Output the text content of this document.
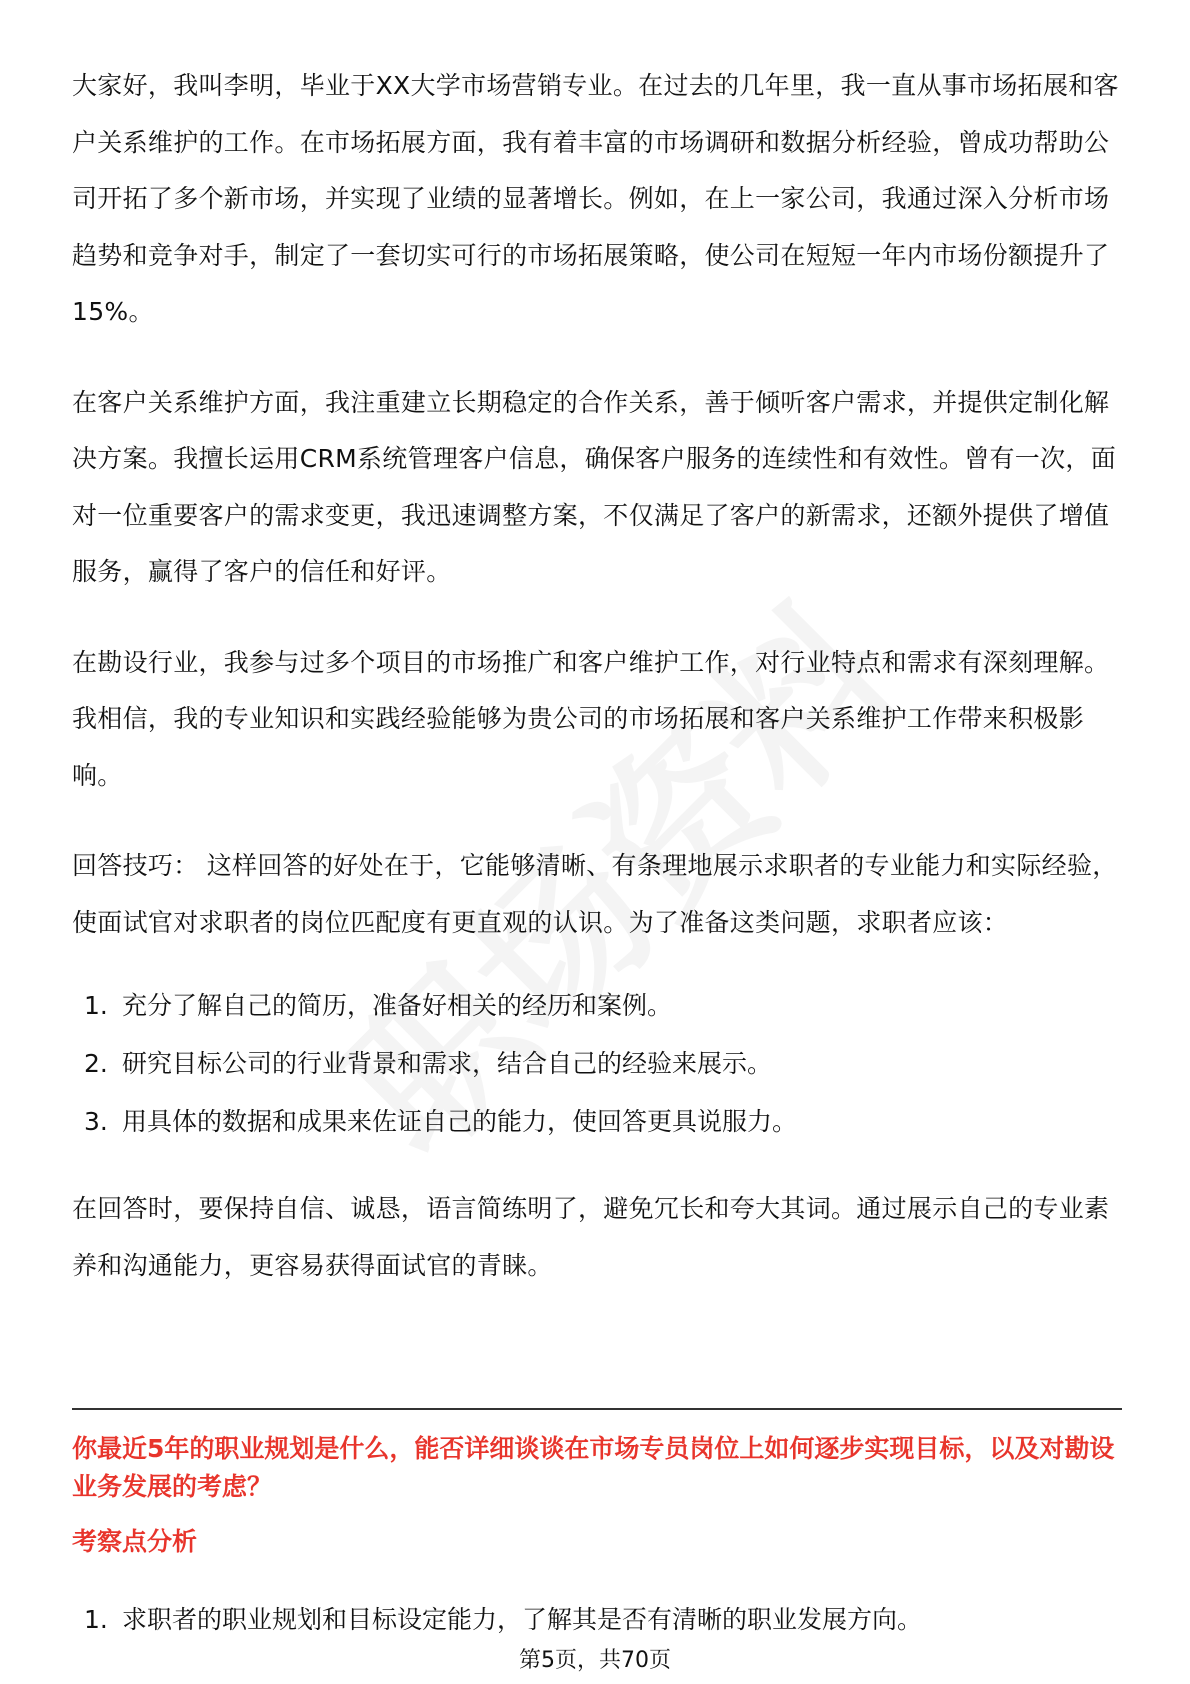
大家好，我叫李明，毕业于XX大学市场营销专业。在过去的几年里，我一直从事市场拓展和客户关系维护的工作。在市场拓展方面，我有着丰富的市场调研和数据分析经验，曾成功帮助公司开拓了多个新市场，并实现了业绩的显著增长。例如，在上一家公司，我通过深入分析市场趋势和竞争对手，制定了一套切实可行的市场拓展策略，使公司在短短一年内市场份额提升了15%。

在客户关系维护方面，我注重建立长期稳定的合作关系，善于倾听客户需求，并提供定制化解决方案。我擅长运用CRM系统管理客户信息，确保客户服务的连续性和有效性。曾有一次，面对一位重要客户的需求变更，我迅速调整方案，不仅满足了客户的新需求，还额外提供了增值服务，赢得了客户的信任和好评。

在勘设行业，我参与过多个项目的市场推广和客户维护工作，对行业特点和需求有深刻理解。我相信，我的专业知识和实践经验能够为贵公司的市场拓展和客户关系维护工作带来积极影响。

回答技巧： 这样回答的好处在于，它能够清晰、有条理地展示求职者的专业能力和实际经验，使面试官对求职者的岗位匹配度有更直观的认识。为了准备这类问题，求职者应该：

1. 充分了解自己的简历，准备好相关的经历和案例。
2. 研究目标公司的行业背景和需求，结合自己的经验来展示。
3. 用具体的数据和成果来佐证自己的能力，使回答更具说服力。

在回答时，要保持自信、诚恳，语言简练明了，避免冗长和夸大其词。通过展示自己的专业素养和沟通能力，更容易获得面试官的青睐。

你最近5年的职业规划是什么，能否详细谈谈在市场专员岗位上如何逐步实现目标，以及对勘设业务发展的考虑？

考察点分析

1. 求职者的职业规划和目标设定能力，了解其是否有清晰的职业发展方向。
第5页，共70页
